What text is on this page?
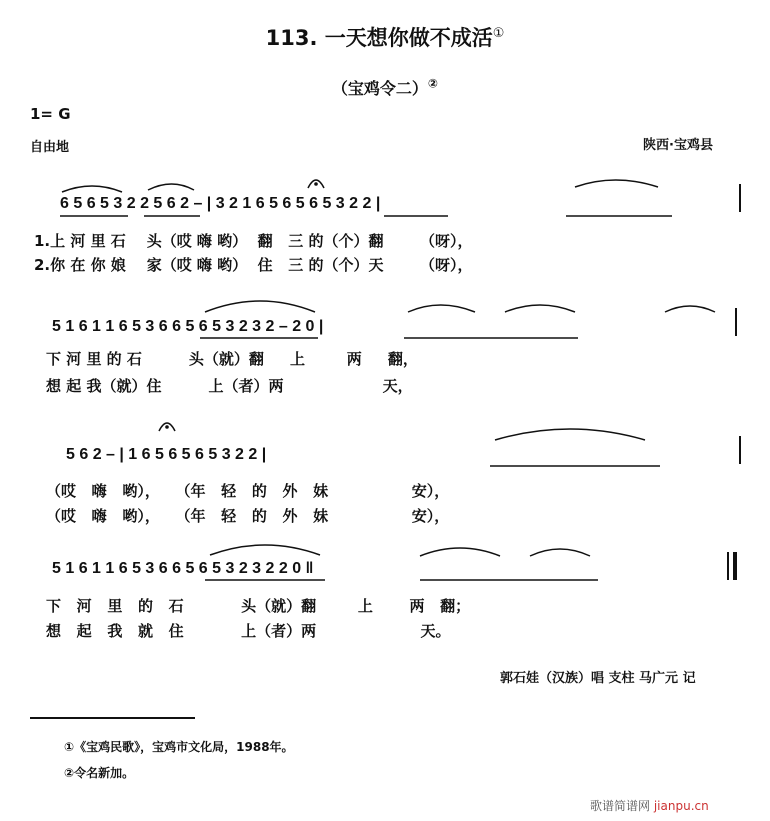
113. 一天想你做不成活①
（宝鸡令二）②
1= G
自由地	陕西·宝鸡县
6 5 6 5 3 2 2 5 6 2 – | 3 2 1 6 5 6 5 6 5 3 2 2 |
1.上 河 里 石    头（哎 嗨 哟）  翻   三 的（个）翻       （呀），
2.你 在 你 娘    家（哎 嗨 哟）  住   三 的（个）天       （呀），
5 1 6 1 1 6 5 3 6 6 5 6 5 3 2 3 2 – 2 0 |
下 河 里 的 石         头（就）翻     上        两     翻，
想 起 我（就）住         上（者）两                   天，
5 6 2 – | 1 6 5 6 5 6 5 3 2 2 |
（哎   嗨   哟），   （年   轻   的   外   妹                安），
（哎   嗨   哟），   （年   轻   的   外   妹                安），
5 1 6 1 1 6 5 3 6 6 5 6 5 3 2 3 2 2 0 ‖
下   河   里   的   石           头（就）翻        上       两   翻；
想   起   我   就   住           上（者）两                    天。
郭石娃（汉族）唱 支柱 马广元 记
①《宝鸡民歌》，宝鸡市文化局，1988年。
②令名新加。
歌谱简谱网 jianpu.cn
